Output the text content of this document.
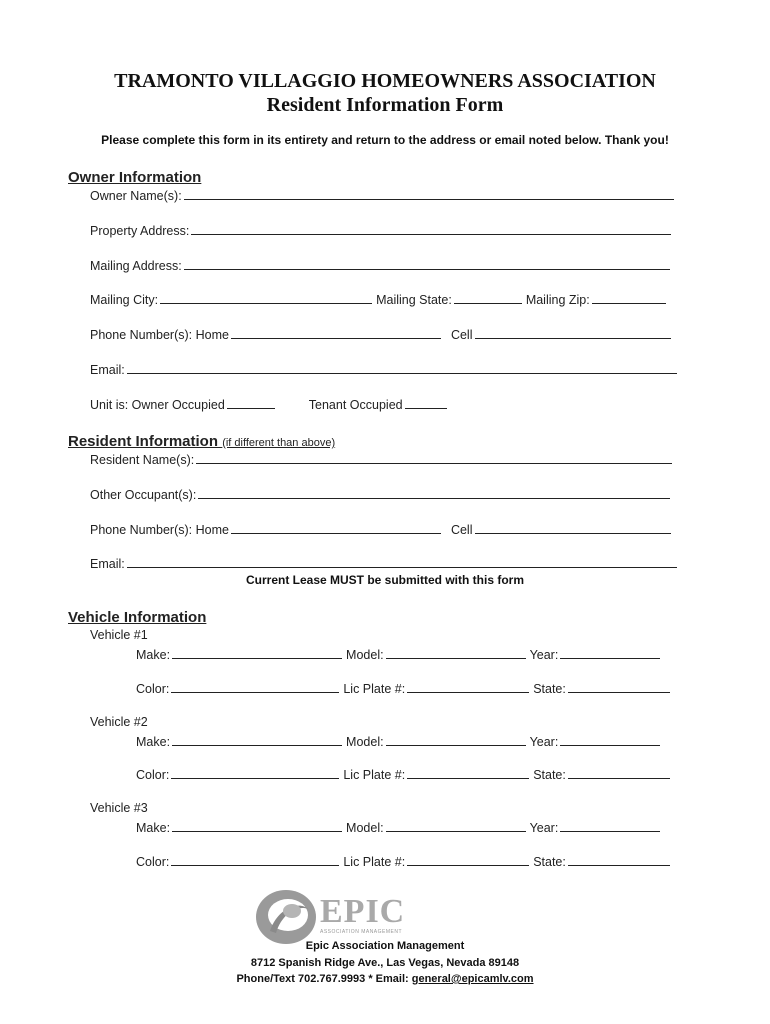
TRAMONTO VILLAGGIO HOMEOWNERS ASSOCIATION
Resident Information Form
Please complete this form in its entirety and return to the address or email noted below. Thank you!
Owner Information
Owner Name(s):
Property Address:
Mailing Address:
Mailing City:	Mailing State:	Mailing Zip:
Phone Number(s): Home	Cell
Email:
Unit is: Owner Occupied	Tenant Occupied
Resident Information (if different than above)
Resident Name(s):
Other Occupant(s):
Phone Number(s): Home	Cell
Email:
Current Lease MUST be submitted with this form
Vehicle Information
Vehicle #1
Make:	Model:	Year:
Color:	Lic Plate #:	State:
Vehicle #2
Make:	Model:	Year:
Color:	Lic Plate #:	State:
Vehicle #3
Make:	Model:	Year:
Color:	Lic Plate #:	State:
EPIC
ASSOCIATION MANAGEMENT
Epic Association Management
8712 Spanish Ridge Ave., Las Vegas, Nevada 89148
Phone/Text 702.767.9993 * Email: general@epicamlv.com
